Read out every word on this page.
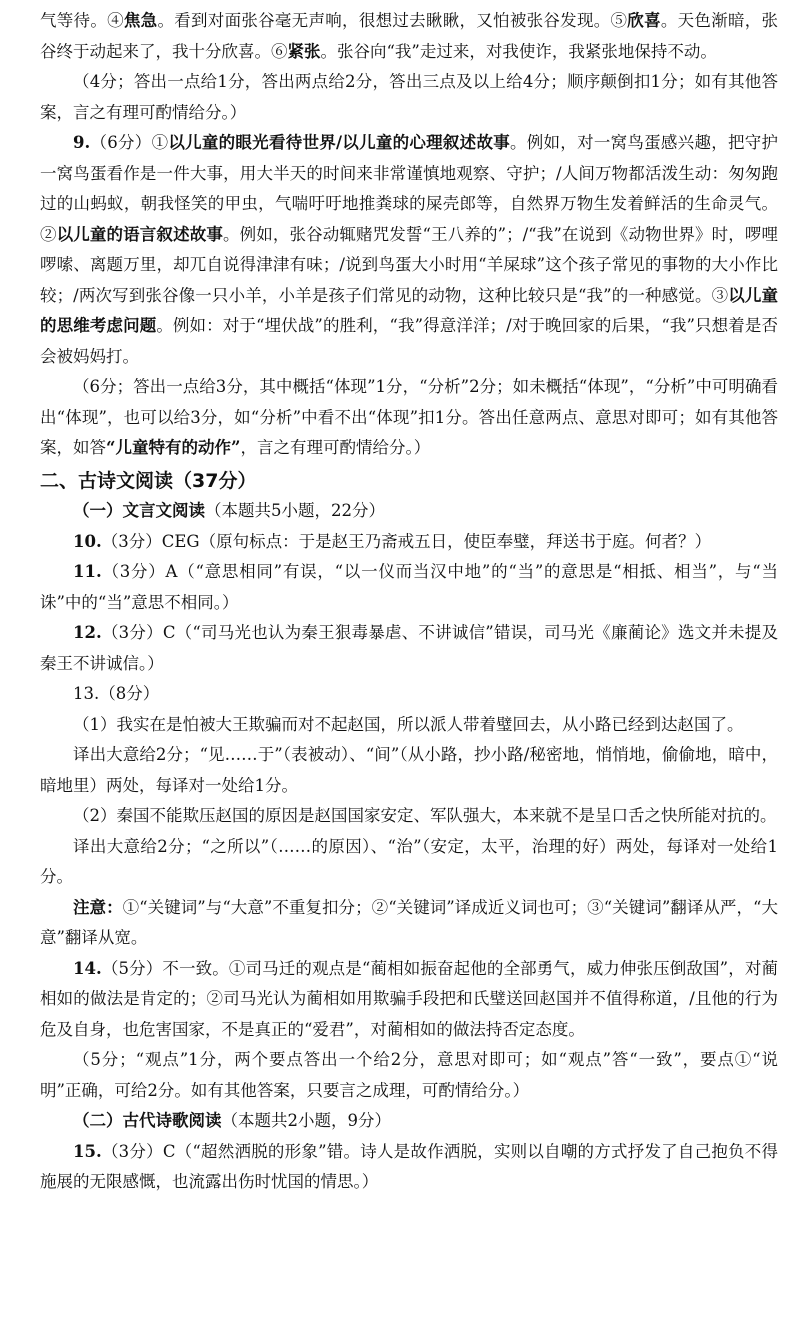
气等待。④焦急。看到对面张谷毫无声响，很想过去瞅瞅，又怕被张谷发现。⑤欣喜。天色渐暗，张谷终于动起来了，我十分欣喜。⑥紧张。张谷向“我”走过来，对我使诈，我紧张地保持不动。

（4分；答出一点给1分，答出两点给2分，答出三点及以上给4分；顺序颠倒扣1分；如有其他答案，言之有理可酌情给分。）

9.（6分）①以儿童的眼光看待世界/以儿童的心理叙述故事。例如，对一窝鸟蛋感兴趣，把守护一窝鸟蛋看作是一件大事，用大半天的时间来非常谨慎地观察、守护；/人间万物都活泼生动：匆匆跑过的山蚂蚁，朝我怪笑的甲虫，气喘吁吁地推粪球的屎壳郎等，自然界万物生发着鲜活的生命灵气。②以儿童的语言叙述故事。例如，张谷动辄赌咒发誓“王八养的”；/“我”在说到《动物世界》时，啰哩啰嗦、离题万里，却兀自说得津津有味；/说到鸟蛋大小时用“羊屎球”这个孩子常见的事物的大小作比较；/两次写到张谷像一只小羊，小羊是孩子们常见的动物，这种比较只是“我”的一种感觉。③以儿童的思维考虑问题。例如：对于“埋伏战”的胜利，“我”得意洋洋；/对于晚回家的后果，“我”只想着是否会被妈妈打。

（6分；答出一点给3分，其中概括“体现”1分，“分析”2分；如未概括“体现”，“分析”中可明确看出“体现”，也可以给3分，如“分析”中看不出“体现”扣1分。答出任意两点、意思对即可；如有其他答案，如答“儿童特有的动作”，言之有理可酌情给分。）

二、古诗文阅读（37分）
（一）文言文阅读（本题共5小题，22分）

10.（3分）CEG（原句标点：于是赵王乃斋戒五日，使臣奉璧，拜送书于庭。何者？）

11.（3分）A（“意思相同”有误，“以一仪而当汉中地”的“当”的意思是“相抵、相当”，与“当诛”中的“当”意思不相同。）

12.（3分）C（“司马光也认为秦王狠毒暴虐、不讲诚信”错误，司马光《廉蔺论》选文并未提及秦王不讲诚信。）

13.（8分）

（1）我实在是怕被大王欺骗而对不起赵国，所以派人带着璧回去，从小路已经到达赵国了。

译出大意给2分；“见……于”（表被动）、“间”（从小路，抄小路/秘密地，悄悄地，偷偷地，暗中，暗地里）两处，每译对一处给1分。

（2）秦国不能欺压赵国的原因是赵国国家安定、军队强大，本来就不是呈口舌之快所能对抗的。

译出大意给2分；“之所以”（……的原因）、“治”（安定，太平，治理的好）两处，每译对一处给1分。

注意：①“关键词”与“大意”不重复扣分；②“关键词”译成近义词也可；③“关键词”翻译从严，“大意”翻译从宽。

14.（5分）不一致。①司马迁的观点是“蔺相如振奋起他的全部勇气，威力伸张压倒敌国”，对蔺相如的做法是肯定的；②司马光认为蔺相如用欺骗手段把和氏璧送回赵国并不值得称道，/且他的行为危及自身，也危害国家，不是真正的“爱君”，对蔺相如的做法持否定态度。

（5分；“观点”1分，两个要点答出一个给2分，意思对即可；如“观点”答“一致”，要点①“说明”正确，可给2分。如有其他答案，只要言之成理，可酌情给分。）

（二）古代诗歌阅读（本题共2小题，9分）

15.（3分）C（“超然洒脱的形象”错。诗人是故作洒脱，实则以自嘲的方式抒发了自己抱负不得施展的无限感慨，也流露出伤时忧国的情思。）
